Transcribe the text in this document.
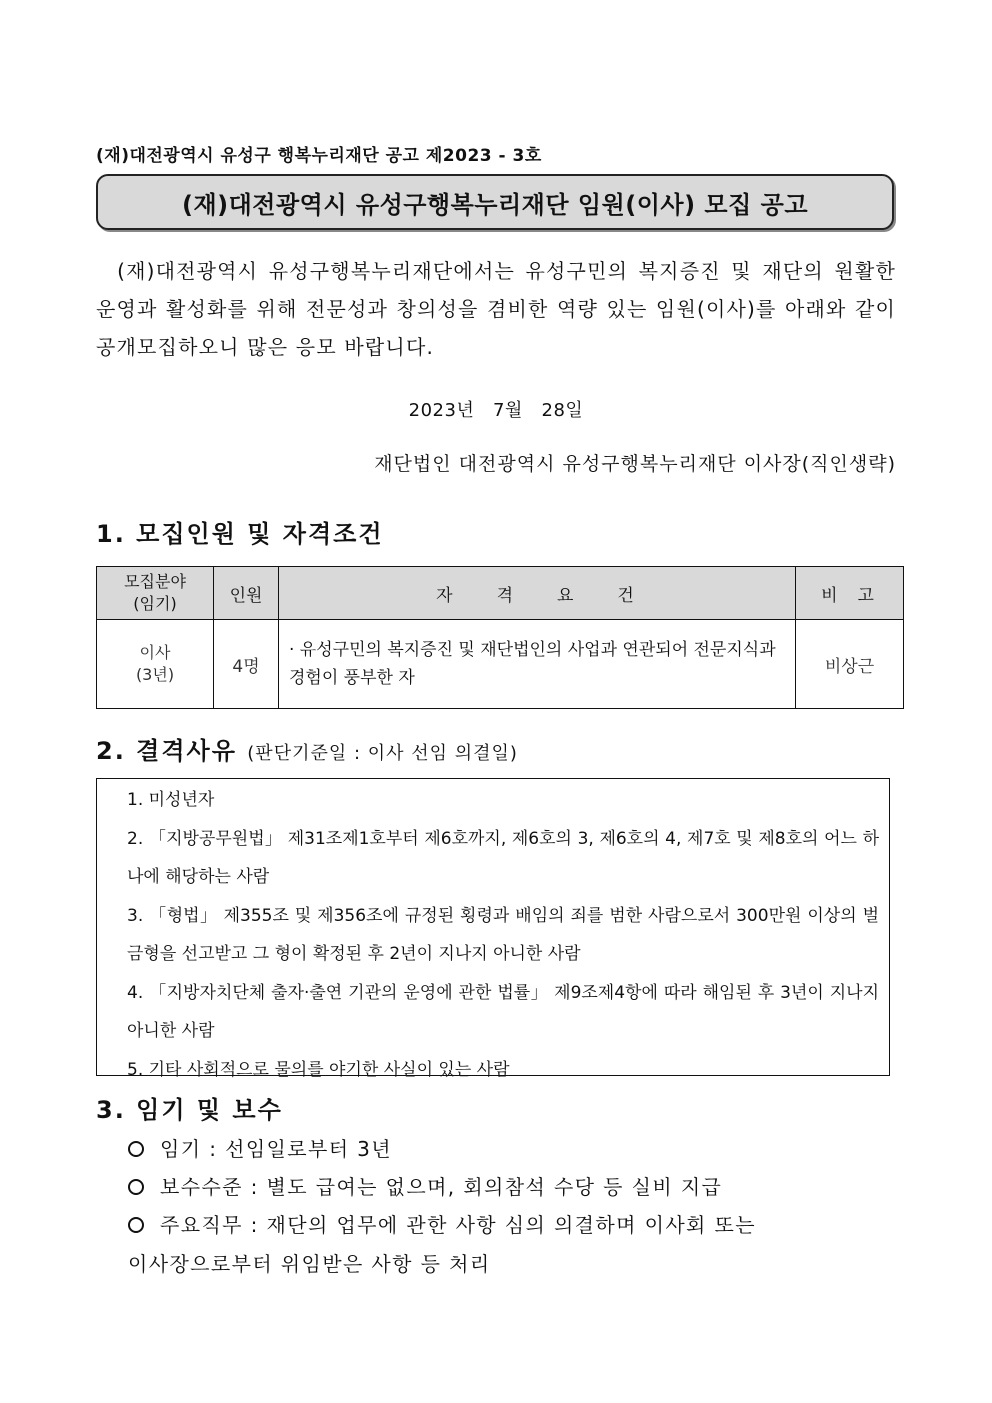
(재)대전광역시 유성구 행복누리재단 공고 제2023 - 3호
(재)대전광역시 유성구행복누리재단 임원(이사) 모집 공고
(재)대전광역시 유성구행복누리재단에서는 유성구민의 복지증진 및 재단의 원활한 운영과 활성화를 위해 전문성과 창의성을 겸비한 역량 있는 임원(이사)를 아래와 같이 공개모집하오니 많은 응모 바랍니다.
2023년   7월   28일
재단법인 대전광역시 유성구행복누리재단 이사장(직인생략)
1. 모집인원 및 자격조건
모집분야
(임기)	인원	자격요건	비고

이사
(3년)	4명	· 유성구민의 복지증진 및 재단법인의 사업과 연관되어 전문지식과 경험이 풍부한 자	비상근
2. 결격사유 (판단기준일 : 이사 선임 의결일)
1. 미성년자
2. 「지방공무원법」 제31조제1호부터 제6호까지, 제6호의 3, 제6호의 4, 제7호 및 제8호의 어느 하나에 해당하는 사람
3. 「형법」 제355조 및 제356조에 규정된 횡령과 배임의 죄를 범한 사람으로서 300만원 이상의 벌금형을 선고받고 그 형이 확정된 후 2년이 지나지 아니한 사람
4. 「지방자치단체 출자·출연 기관의 운영에 관한 법률」 제9조제4항에 따라 해임된 후 3년이 지나지 아니한 사람
5. 기타 사회적으로 물의를 야기한 사실이 있는 사람
3. 임기 및 보수
임기 : 선임일로부터 3년
보수수준 : 별도 급여는 없으며, 회의참석 수당 등 실비 지급
주요직무 : 재단의 업무에 관한 사항 심의 의결하며 이사회 또는
이사장으로부터 위임받은 사항 등 처리
